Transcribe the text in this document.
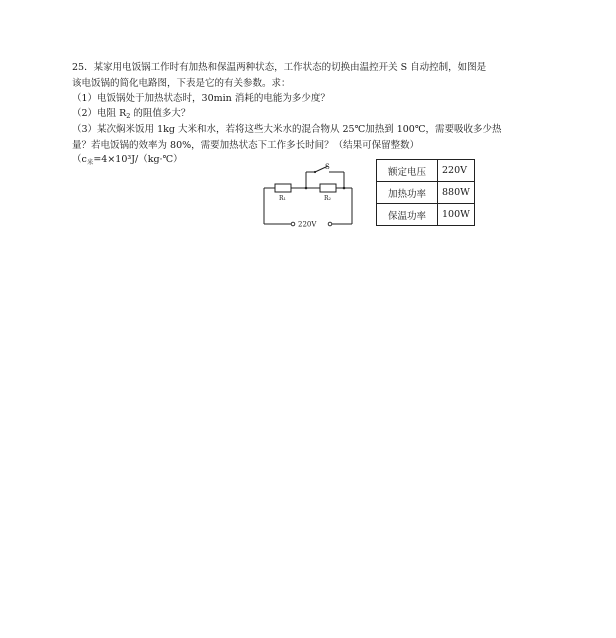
25．某家用电饭锅工作时有加热和保温两种状态，工作状态的切换由温控开关 S 自动控制，如图是
该电饭锅的简化电路图，下表是它的有关参数。求：
（1）电饭锅处于加热状态时，30min 消耗的电能为多少度？
（2）电阻 $R_2$ 的阻值多大？
（3）某次焖米饭用 1kg 大米和水，若将这些大米水的混合物从 25℃加热到 100℃，需要吸收多少热
量？若电饭锅的效率为 80%，需要加热状态下工作多长时间？（结果可保留整数）
（$c_米=4\times 10^3J/(kg\cdot℃)$
S
R₁	R₂
220V
额定电压	220V
加热功率	880W
保温功率	100W
